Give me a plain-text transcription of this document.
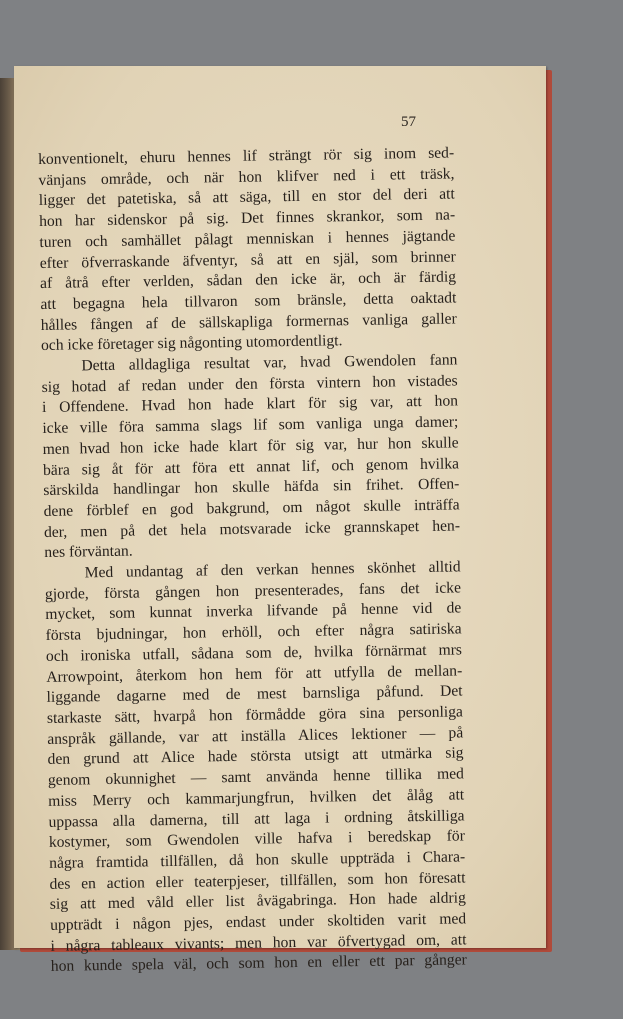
57
konventionelt, ehuru hennes lif strängt rör sig inom sed-
vänjans område, och när hon klifver ned i ett träsk,
ligger det patetiska, så att säga, till en stor del deri att
hon har sidenskor på sig. Det finnes skrankor, som na-
turen och samhället pålagt menniskan i hennes jägtande
efter öfverraskande äfventyr, så att en själ, som brinner
af åtrå efter verlden, sådan den icke är, och är färdig
att begagna hela tillvaron som bränsle, detta oaktadt
hålles fången af de sällskapliga formernas vanliga galler
och icke företager sig någonting utomordentligt.
Detta alldagliga resultat var, hvad Gwendolen fann
sig hotad af redan under den första vintern hon vistades
i Offendene. Hvad hon hade klart för sig var, att hon
icke ville föra samma slags lif som vanliga unga damer;
men hvad hon icke hade klart för sig var, hur hon skulle
bära sig åt för att föra ett annat lif, och genom hvilka
särskilda handlingar hon skulle häfda sin frihet. Offen-
dene förblef en god bakgrund, om något skulle inträffa
der, men på det hela motsvarade icke grannskapet hen-
nes förväntan.
Med undantag af den verkan hennes skönhet alltid
gjorde, första gången hon presenterades, fans det icke
mycket, som kunnat inverka lifvande på henne vid de
första bjudningar, hon erhöll, och efter några satiriska
och ironiska utfall, sådana som de, hvilka förnärmat mrs
Arrowpoint, återkom hon hem för att utfylla de mellan-
liggande dagarne med de mest barnsliga påfund. Det
starkaste sätt, hvarpå hon förmådde göra sina personliga
anspråk gällande, var att inställa Alices lektioner — på
den grund att Alice hade största utsigt att utmärka sig
genom okunnighet — samt använda henne tillika med
miss Merry och kammarjungfrun, hvilken det ålåg att
uppassa alla damerna, till att laga i ordning åtskilliga
kostymer, som Gwendolen ville hafva i beredskap för
några framtida tillfällen, då hon skulle uppträda i Chara-
des en action eller teaterpjeser, tillfällen, som hon föresatt
sig att med våld eller list åvägabringa. Hon hade aldrig
uppträdt i någon pjes, endast under skoltiden varit med
i några tableaux vivants; men hon var öfvertygad om, att
hon kunde spela väl, och som hon en eller ett par gånger
